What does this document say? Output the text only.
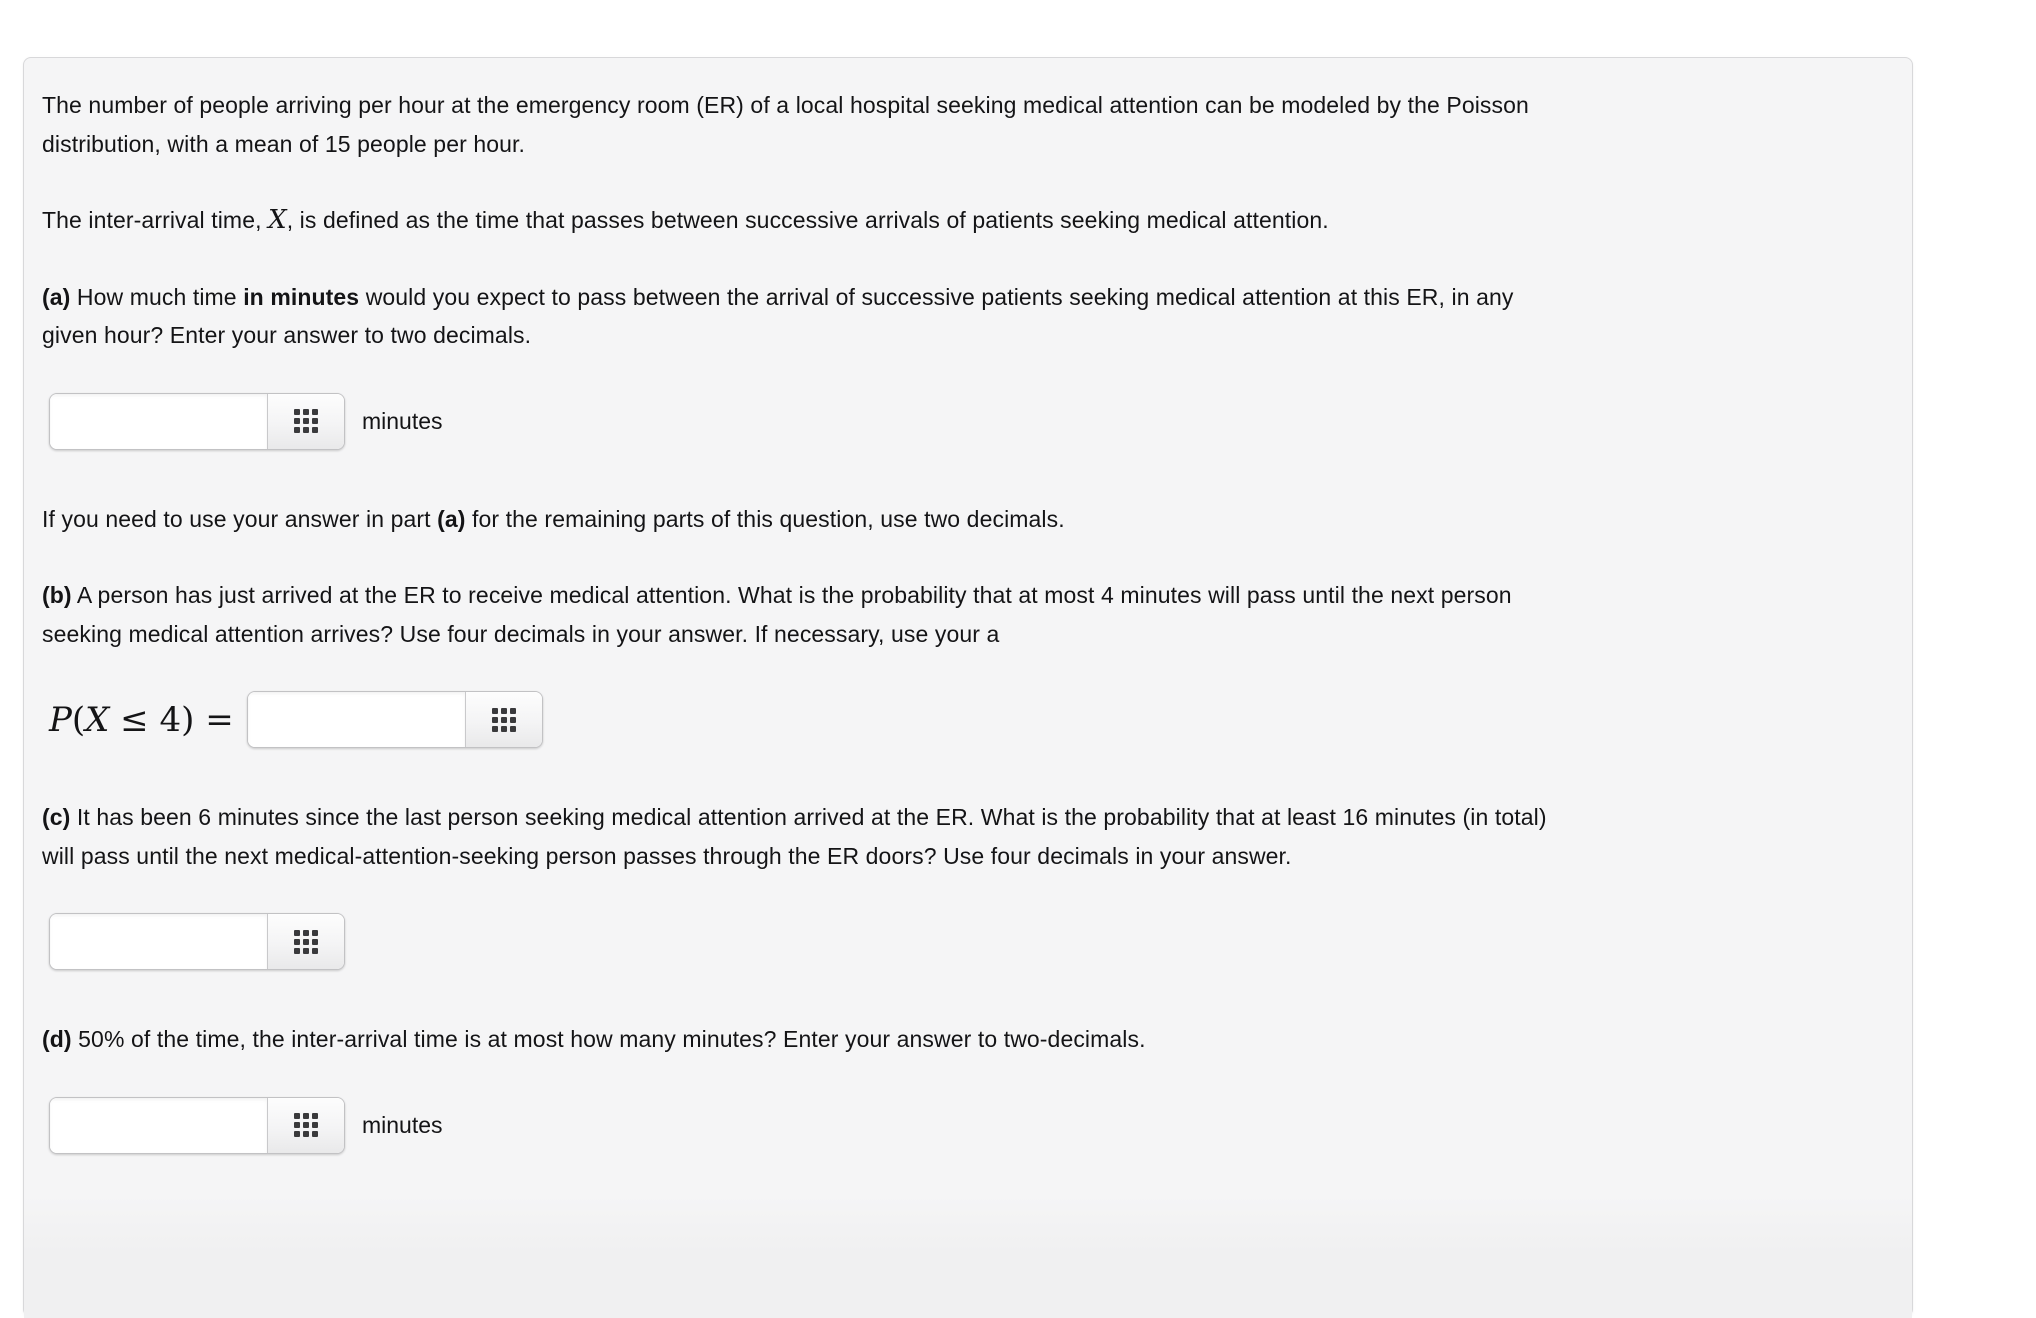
The number of people arriving per hour at the emergency room (ER) of a local hospital seeking medical attention can be modeled by the Poisson
distribution, with a mean of 15 people per hour.
The inter-arrival time, X, is defined as the time that passes between successive arrivals of patients seeking medical attention.
(a) How much time in minutes would you expect to pass between the arrival of successive patients seeking medical attention at this ER, in any
given hour? Enter your answer to two decimals.
minutes
If you need to use your answer in part (a) for the remaining parts of this question, use two decimals.
(b) A person has just arrived at the ER to receive medical attention. What is the probability that at most 4 minutes will pass until the next person
seeking medical attention arrives? Use four decimals in your answer. If necessary, use your a
P(X ≤ 4) =
(c) It has been 6 minutes since the last person seeking medical attention arrived at the ER. What is the probability that at least 16 minutes (in total)
will pass until the next medical-attention-seeking person passes through the ER doors? Use four decimals in your answer.
(d) 50% of the time, the inter-arrival time is at most how many minutes? Enter your answer to two-decimals.
minutes
